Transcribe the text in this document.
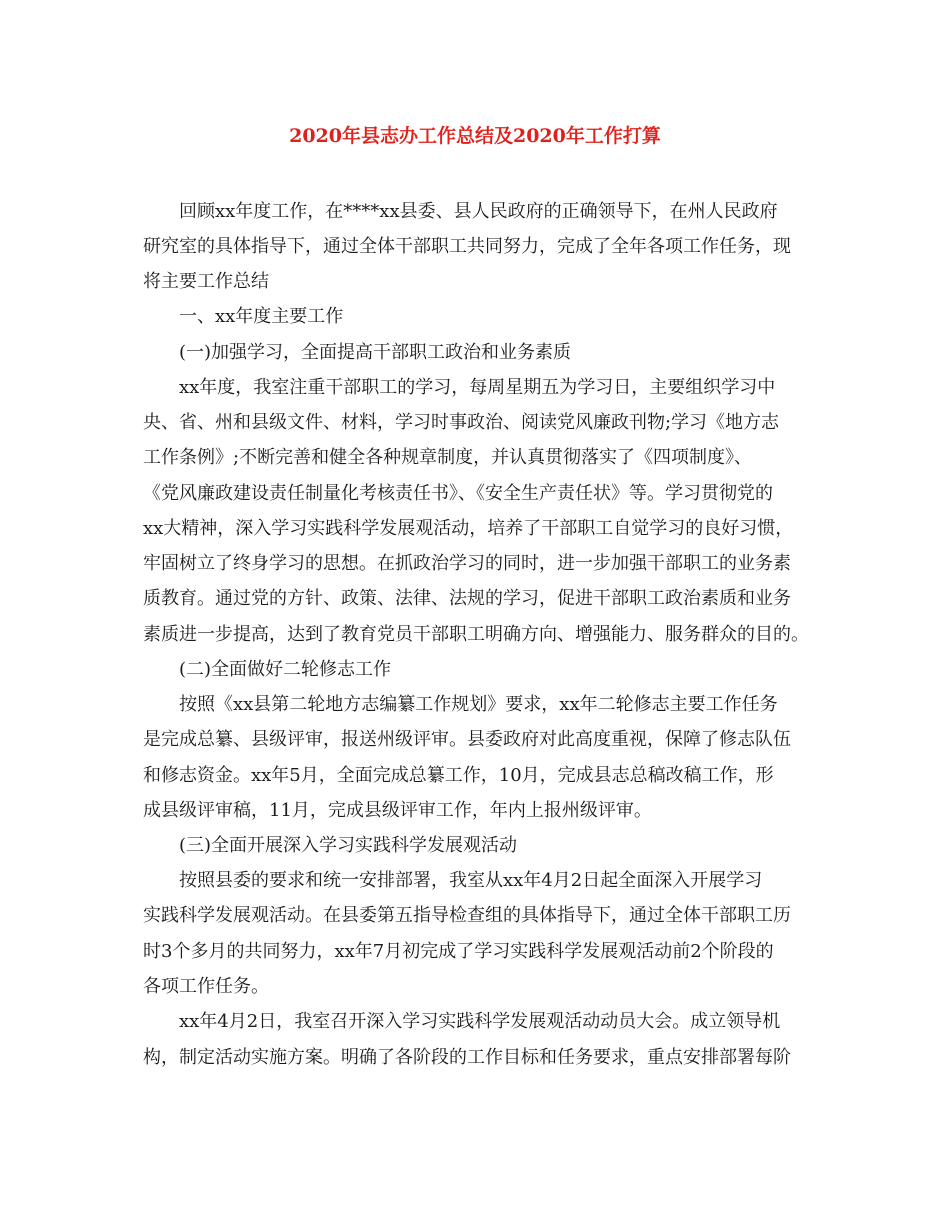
2020年县志办工作总结及2020年工作打算
　　回顾xx年度工作，在****xx县委、县人民政府的正确领导下，在州人民政府
研究室的具体指导下，通过全体干部职工共同努力，完成了全年各项工作任务，现
将主要工作总结
　　一、xx年度主要工作
　　(一)加强学习，全面提高干部职工政治和业务素质
　　xx年度，我室注重干部职工的学习，每周星期五为学习日，主要组织学习中
央、省、州和县级文件、材料，学习时事政治、阅读党风廉政刊物;学习《地方志
工作条例》;不断完善和健全各种规章制度，并认真贯彻落实了《四项制度》、
《党风廉政建设责任制量化考核责任书》、《安全生产责任状》等。学习贯彻党的
xx大精神，深入学习实践科学发展观活动，培养了干部职工自觉学习的良好习惯，
牢固树立了终身学习的思想。在抓政治学习的同时，进一步加强干部职工的业务素
质教育。通过党的方针、政策、法律、法规的学习，促进干部职工政治素质和业务
素质进一步提高，达到了教育党员干部职工明确方向、增强能力、服务群众的目的。
　　(二)全面做好二轮修志工作
　　按照《xx县第二轮地方志编纂工作规划》要求，xx年二轮修志主要工作任务
是完成总纂、县级评审，报送州级评审。县委政府对此高度重视，保障了修志队伍
和修志资金。xx年5月，全面完成总纂工作，10月，完成县志总稿改稿工作，形
成县级评审稿，11月，完成县级评审工作，年内上报州级评审。
　　(三)全面开展深入学习实践科学发展观活动
　　按照县委的要求和统一安排部署，我室从xx年4月2日起全面深入开展学习
实践科学发展观活动。在县委第五指导检查组的具体指导下，通过全体干部职工历
时3个多月的共同努力，xx年7月初完成了学习实践科学发展观活动前2个阶段的
各项工作任务。
　　xx年4月2日，我室召开深入学习实践科学发展观活动动员大会。成立领导机
构，制定活动实施方案。明确了各阶段的工作目标和任务要求，重点安排部署每阶
